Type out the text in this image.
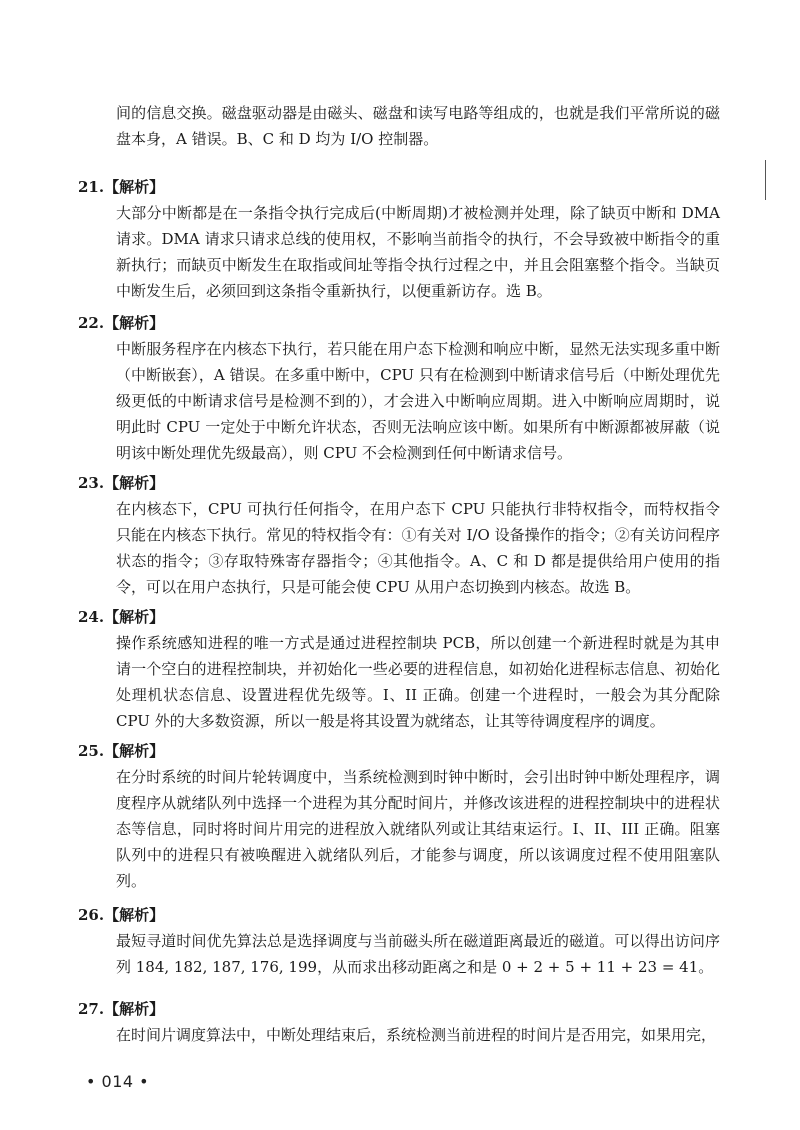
间的信息交换。磁盘驱动器是由磁头、磁盘和读写电路等组成的，也就是我们平常所说的磁盘本身，A 错误。B、C 和 D 均为 I/O 控制器。

21.【解析】

大部分中断都是在一条指令执行完成后(中断周期)才被检测并处理，除了缺页中断和 DMA 请求。DMA 请求只请求总线的使用权，不影响当前指令的执行，不会导致被中断指令的重新执行；而缺页中断发生在取指或间址等指令执行过程之中，并且会阻塞整个指令。当缺页中断发生后，必须回到这条指令重新执行，以便重新访存。选 B。

22.【解析】

中断服务程序在内核态下执行，若只能在用户态下检测和响应中断，显然无法实现多重中断（中断嵌套），A 错误。在多重中断中，CPU 只有在检测到中断请求信号后（中断处理优先级更低的中断请求信号是检测不到的），才会进入中断响应周期。进入中断响应周期时，说明此时 CPU 一定处于中断允许状态，否则无法响应该中断。如果所有中断源都被屏蔽（说明该中断处理优先级最高），则 CPU 不会检测到任何中断请求信号。

23.【解析】

在内核态下，CPU 可执行任何指令，在用户态下 CPU 只能执行非特权指令，而特权指令只能在内核态下执行。常见的特权指令有：①有关对 I/O 设备操作的指令；②有关访问程序状态的指令；③存取特殊寄存器指令；④其他指令。A、C 和 D 都是提供给用户使用的指令，可以在用户态执行，只是可能会使 CPU 从用户态切换到内核态。故选 B。

24.【解析】

操作系统感知进程的唯一方式是通过进程控制块 PCB，所以创建一个新进程时就是为其申请一个空白的进程控制块，并初始化一些必要的进程信息，如初始化进程标志信息、初始化处理机状态信息、设置进程优先级等。I、II 正确。创建一个进程时，一般会为其分配除 CPU 外的大多数资源，所以一般是将其设置为就绪态，让其等待调度程序的调度。

25.【解析】

在分时系统的时间片轮转调度中，当系统检测到时钟中断时，会引出时钟中断处理程序，调度程序从就绪队列中选择一个进程为其分配时间片，并修改该进程的进程控制块中的进程状态等信息，同时将时间片用完的进程放入就绪队列或让其结束运行。I、II、III 正确。阻塞队列中的进程只有被唤醒进入就绪队列后，才能参与调度，所以该调度过程不使用阻塞队列。

26.【解析】

最短寻道时间优先算法总是选择调度与当前磁头所在磁道距离最近的磁道。可以得出访问序列 184, 182, 187, 176, 199，从而求出移动距离之和是 0 + 2 + 5 + 11 + 23 = 41。

27.【解析】

在时间片调度算法中，中断处理结束后，系统检测当前进程的时间片是否用完，如果用完，

• 014 •
